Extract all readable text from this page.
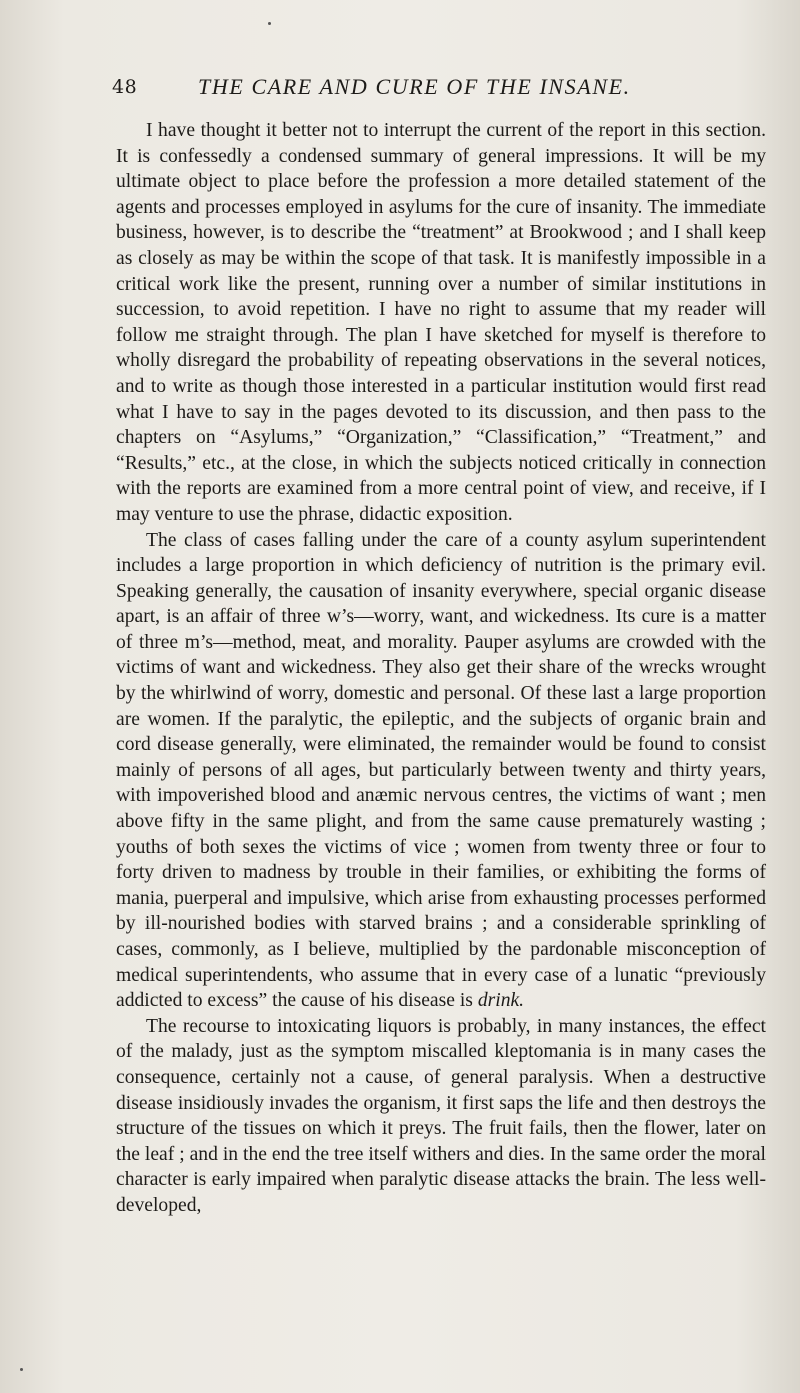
48	THE CARE AND CURE OF THE INSANE.

I have thought it better not to interrupt the current of the report in this section. It is confessedly a condensed summary of general impressions. It will be my ultimate object to place before the profession a more detailed statement of the agents and processes employed in asylums for the cure of insanity. The immediate business, however, is to describe the “treatment” at Brookwood ; and I shall keep as closely as may be within the scope of that task. It is manifestly impossible in a critical work like the present, running over a number of similar institutions in succession, to avoid repetition. I have no right to assume that my reader will follow me straight through. The plan I have sketched for myself is therefore to wholly disregard the probability of repeating observations in the several notices, and to write as though those interested in a particular institution would first read what I have to say in the pages devoted to its discussion, and then pass to the chapters on “Asylums,” “Organization,” “Classification,” “Treatment,” and “Results,” etc., at the close, in which the subjects noticed critically in connection with the reports are examined from a more central point of view, and receive, if I may venture to use the phrase, didactic exposition.

The class of cases falling under the care of a county asylum superintendent includes a large proportion in which deficiency of nutrition is the primary evil. Speaking generally, the causation of insanity everywhere, special organic disease apart, is an affair of three w’s—worry, want, and wickedness. Its cure is a matter of three m’s—method, meat, and morality. Pauper asylums are crowded with the victims of want and wickedness. They also get their share of the wrecks wrought by the whirlwind of worry, domestic and personal. Of these last a large proportion are women. If the paralytic, the epileptic, and the subjects of organic brain and cord disease generally, were eliminated, the remainder would be found to consist mainly of persons of all ages, but particularly between twenty and thirty years, with impoverished blood and anæmic nervous centres, the victims of want ; men above fifty in the same plight, and from the same cause prematurely wasting ; youths of both sexes the victims of vice ; women from twenty three or four to forty driven to madness by trouble in their families, or exhibiting the forms of mania, puerperal and impulsive, which arise from exhausting processes performed by ill-nourished bodies with starved brains ; and a considerable sprinkling of cases, commonly, as I believe, multiplied by the pardonable misconception of medical superintendents, who assume that in every case of a lunatic “previously addicted to excess” the cause of his disease is drink.

The recourse to intoxicating liquors is probably, in many instances, the effect of the malady, just as the symptom miscalled kleptomania is in many cases the consequence, certainly not a cause, of general paralysis. When a destructive disease insidiously invades the organism, it first saps the life and then destroys the structure of the tissues on which it preys. The fruit fails, then the flower, later on the leaf ; and in the end the tree itself withers and dies. In the same order the moral character is early impaired when paralytic disease attacks the brain. The less well-developed,
